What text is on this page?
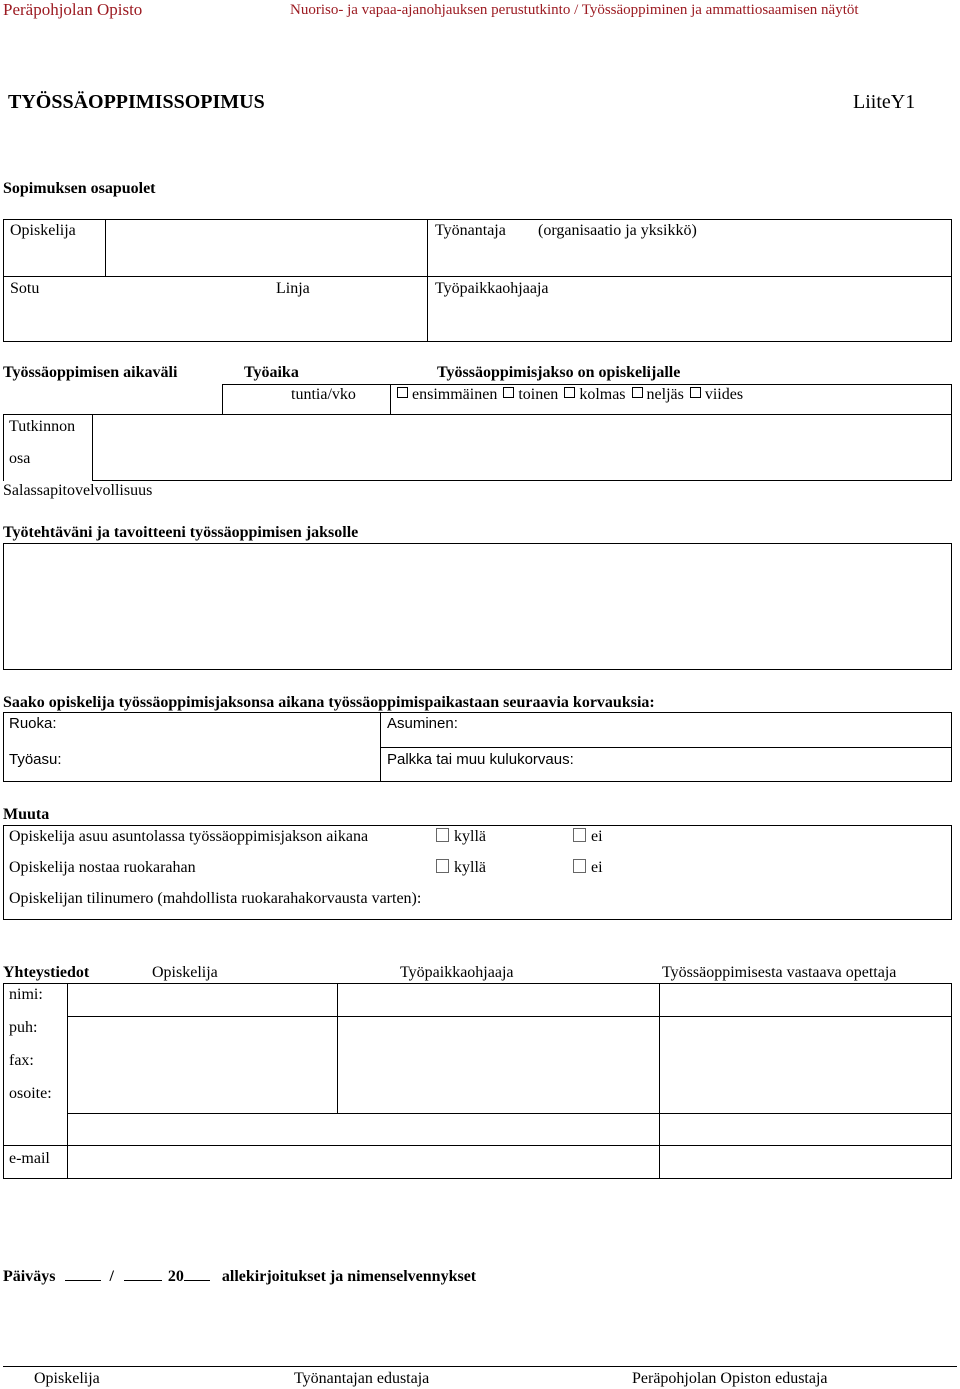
Peräpohjolan Opisto	Nuoriso- ja vapaa-ajanohjauksen perustutkinto / Työssäoppiminen ja ammattiosaamisen näytöt
TYÖSSÄOPPIMISSOPIMUS	LiiteY1
Sopimuksen osapuolet
Opiskelija	Työnantaja (organisaatio ja yksikkö)
Sotu	Linja	Työpaikkaohjaaja
Työssäoppimisen aikaväli	Työaika	Työssäoppimisjakso on opiskelijalle
tuntia/vko	ensimmäinen toinen kolmas neljäs viides
Tutkinnon
osa
Salassapitovelvollisuus
Työtehtäväni ja tavoitteeni työssäoppimisen jaksolle
Saako opiskelija työssäoppimisjaksonsa aikana työssäoppimispaikastaan seuraavia korvauksia:
Ruoka:	Asuminen:
Työasu:	Palkka tai muu kulukorvaus:
Muuta
Opiskelija asuu asuntolassa työssäoppimisjakson aikana	kyllä	ei
Opiskelija nostaa ruokarahan	kyllä	ei
Opiskelijan tilinumero (mahdollista ruokarahakorvausta varten):
Yhteystiedot	Opiskelija	Työpaikkaohjaaja	Työssäoppimisesta vastaava opettaja
nimi:
puh:
fax:
osoite:
e-mail
Päiväys	/	20 allekirjoitukset ja nimenselvennykset
Opiskelija	Työnantajan edustaja	Peräpohjolan Opiston edustaja
